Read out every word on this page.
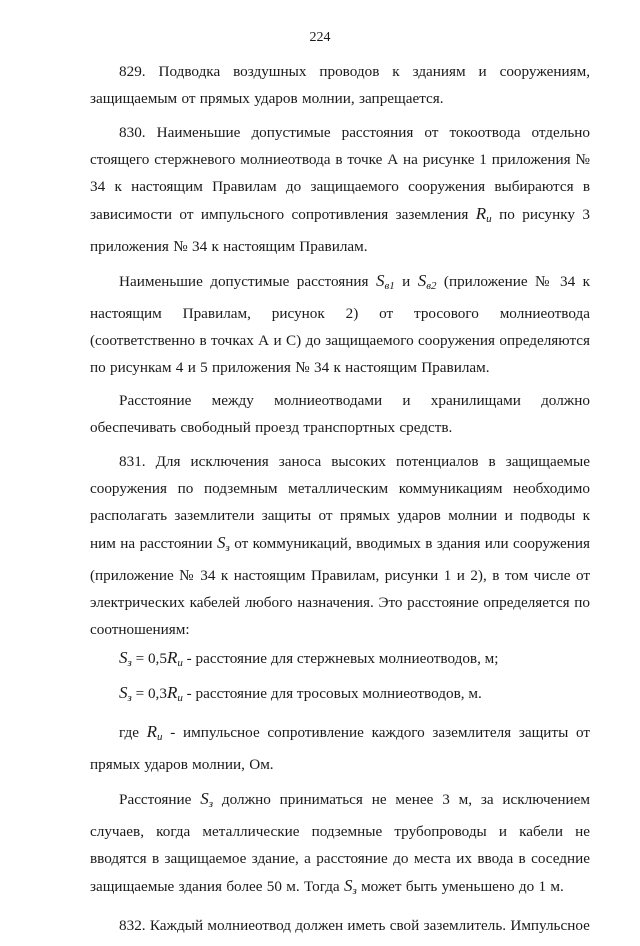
224

829. Подводка воздушных проводов к зданиям и сооружениям, защищаемым от прямых ударов молнии, запрещается.

830. Наименьшие допустимые расстояния от токоотвода отдельно стоящего стержневого молниеотвода в точке А на рисунке 1 приложения № 34 к настоящим Правилам до защищаемого сооружения выбираются в зависимости от импульсного сопротивления заземления $R_и$ по рисунку 3 приложения № 34 к настоящим Правилам.

Наименьшие допустимые расстояния $S_{в1}$ и $S_{в2}$ (приложение № 34 к настоящим Правилам, рисунок 2) от тросового молниеотвода (соответственно в точках А и С) до защищаемого сооружения определяются по рисункам 4 и 5 приложения № 34 к настоящим Правилам.

Расстояние между молниеотводами и хранилищами должно обеспечивать свободный проезд транспортных средств.

831. Для исключения заноса высоких потенциалов в защищаемые сооружения по подземным металлическим коммуникациям необходимо располагать заземлители защиты от прямых ударов молнии и подводы к ним на расстоянии $S_з$ от коммуникаций, вводимых в здания или сооружения (приложение № 34 к настоящим Правилам, рисунки 1 и 2), в том числе от электрических кабелей любого назначения. Это расстояние определяется по соотношениям:

$S_з = 0,5R_и$ - расстояние для стержневых молниеотводов, м;

$S_з = 0,3R_и$ - расстояние для тросовых молниеотводов, м.

где $R_и$ - импульсное сопротивление каждого заземлителя защиты от прямых ударов молнии, Ом.

Расстояние $S_з$ должно приниматься не менее 3 м, за исключением случаев, когда металлические подземные трубопроводы и кабели не вводятся в защищаемое здание, а расстояние до места их ввода в соседние защищаемые здания более 50 м. Тогда $S_з$ может быть уменьшено до 1 м.

832. Каждый молниеотвод должен иметь свой заземлитель. Импульсное
